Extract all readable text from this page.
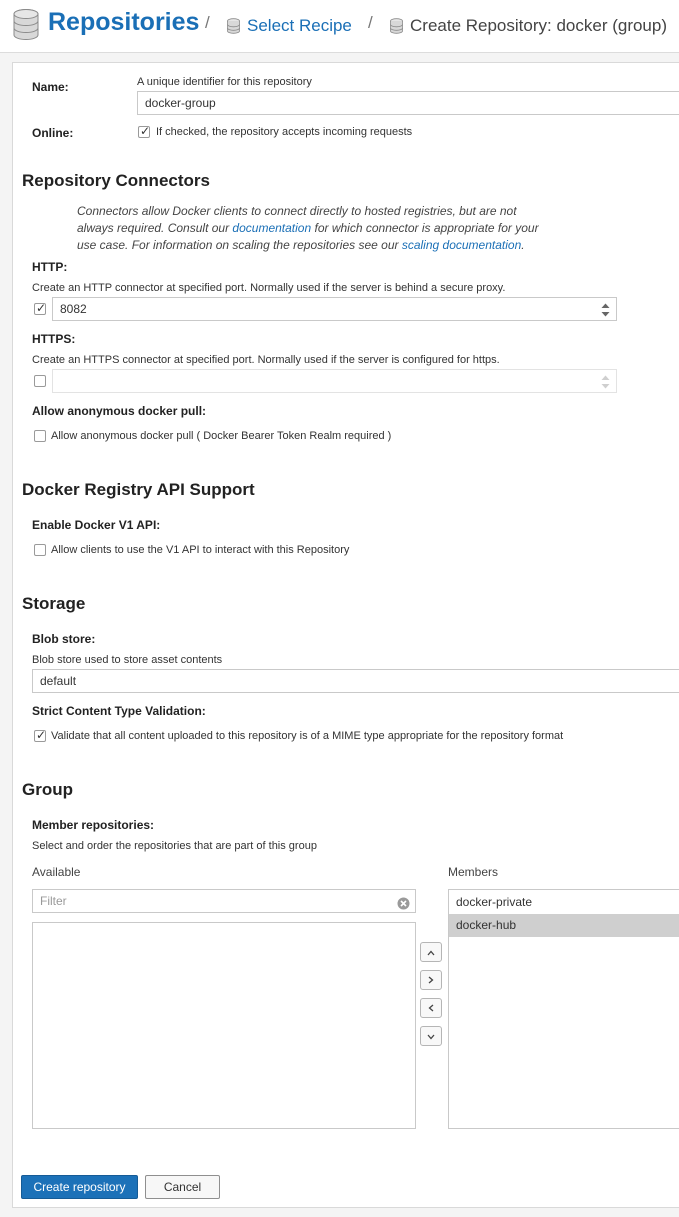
Repositories / Select Recipe / Create Repository: docker (group)
Name:	A unique identifier for this repository
docker-group
Online:	✓ If checked, the repository accepts incoming requests
Repository Connectors
Connectors allow Docker clients to connect directly to hosted registries, but are not
always required. Consult our documentation for which connector is appropriate for your
use case. For information on scaling the repositories see our scaling documentation.
HTTP:
Create an HTTP connector at specified port. Normally used if the server is behind a secure proxy.
✓	8082
HTTPS:
Create an HTTPS connector at specified port. Normally used if the server is configured for https.
Allow anonymous docker pull:
Allow anonymous docker pull ( Docker Bearer Token Realm required )
Docker Registry API Support
Enable Docker V1 API:
Allow clients to use the V1 API to interact with this Repository
Storage
Blob store:
Blob store used to store asset contents
default
Strict Content Type Validation:
✓ Validate that all content uploaded to this repository is of a MIME type appropriate for the repository format
Group
Member repositories:
Select and order the repositories that are part of this group
Available
Filter
Members
docker-private
docker-hub
Create repository	Cancel
